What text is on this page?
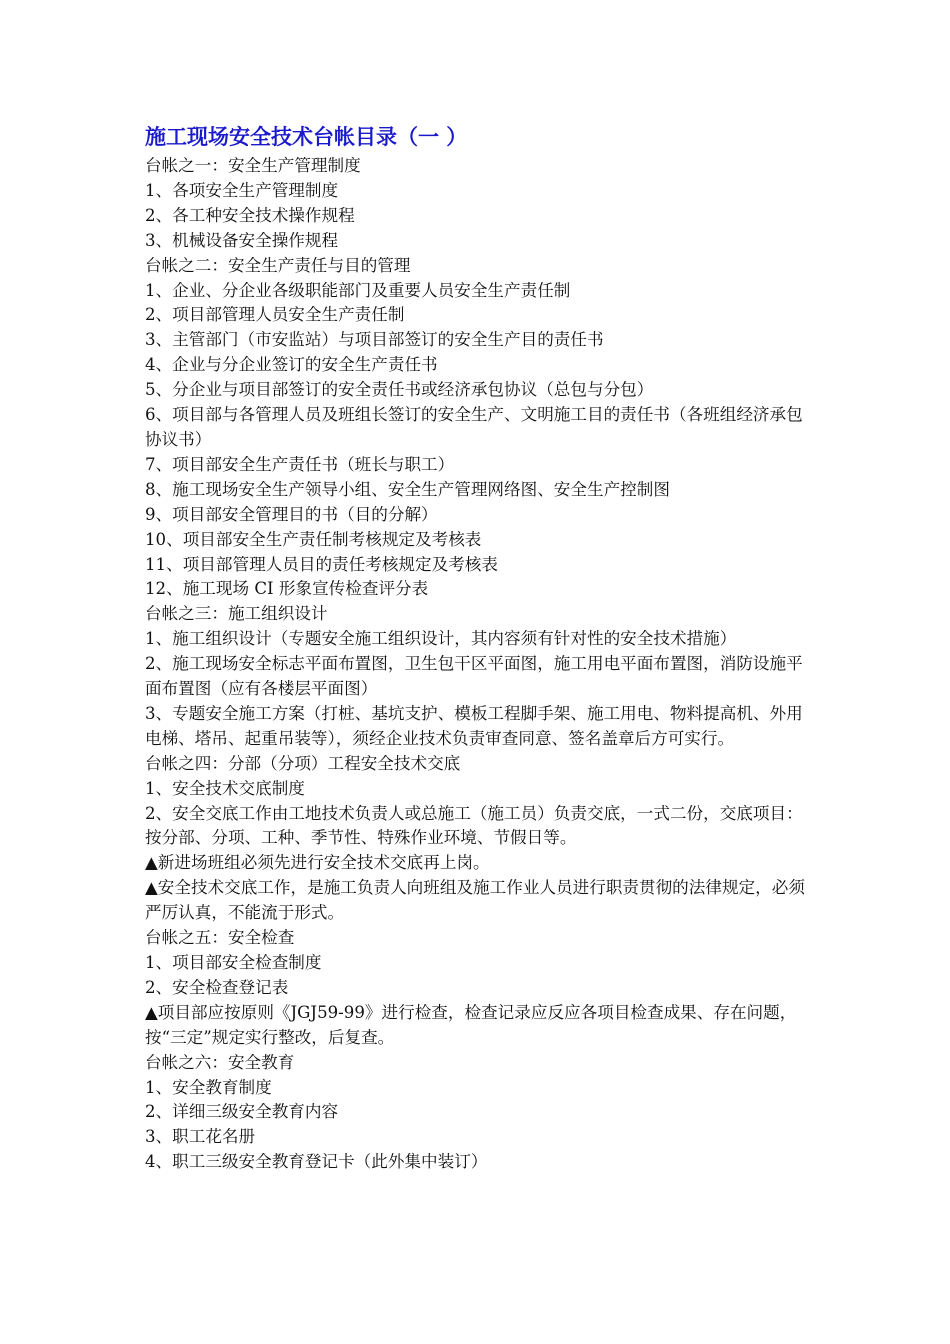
施工现场安全技术台帐目录（一 ）

台帐之一：安全生产管理制度

1、各项安全生产管理制度

2、各工种安全技术操作规程

3、机械设备安全操作规程

台帐之二：安全生产责任与目的管理

1、企业、分企业各级职能部门及重要人员安全生产责任制

2、项目部管理人员安全生产责任制

3、主管部门（市安监站）与项目部签订的安全生产目的责任书

4、企业与分企业签订的安全生产责任书

5、分企业与项目部签订的安全责任书或经济承包协议（总包与分包）

6、项目部与各管理人员及班组长签订的安全生产、文明施工目的责任书（各班组经济承包协议书）

7、项目部安全生产责任书（班长与职工）

8、施工现场安全生产领导小组、安全生产管理网络图、安全生产控制图

9、项目部安全管理目的书（目的分解）

10、项目部安全生产责任制考核规定及考核表

11、项目部管理人员目的责任考核规定及考核表

12、施工现场 CI 形象宣传检查评分表

台帐之三：施工组织设计

1、施工组织设计（专题安全施工组织设计，其内容须有针对性的安全技术措施）

2、施工现场安全标志平面布置图，卫生包干区平面图，施工用电平面布置图，消防设施平面布置图（应有各楼层平面图）

3、专题安全施工方案（打桩、基坑支护、模板工程脚手架、施工用电、物料提高机、外用电梯、塔吊、起重吊装等），须经企业技术负责审查同意、签名盖章后方可实行。

台帐之四：分部（分项）工程安全技术交底

1、安全技术交底制度

2、安全交底工作由工地技术负责人或总施工（施工员）负责交底，一式二份，交底项目：按分部、分项、工种、季节性、特殊作业环境、节假日等。

▲新进场班组必须先进行安全技术交底再上岗。

▲安全技术交底工作，是施工负责人向班组及施工作业人员进行职责贯彻的法律规定，必须严厉认真，不能流于形式。

台帐之五：安全检查

1、项目部安全检查制度

2、安全检查登记表

▲项目部应按原则《JGJ59-99》进行检查，检查记录应反应各项目检查成果、存在问题，按“三定”规定实行整改，后复查。

台帐之六：安全教育

1、安全教育制度

2、详细三级安全教育内容

3、职工花名册

4、职工三级安全教育登记卡（此外集中装订）
